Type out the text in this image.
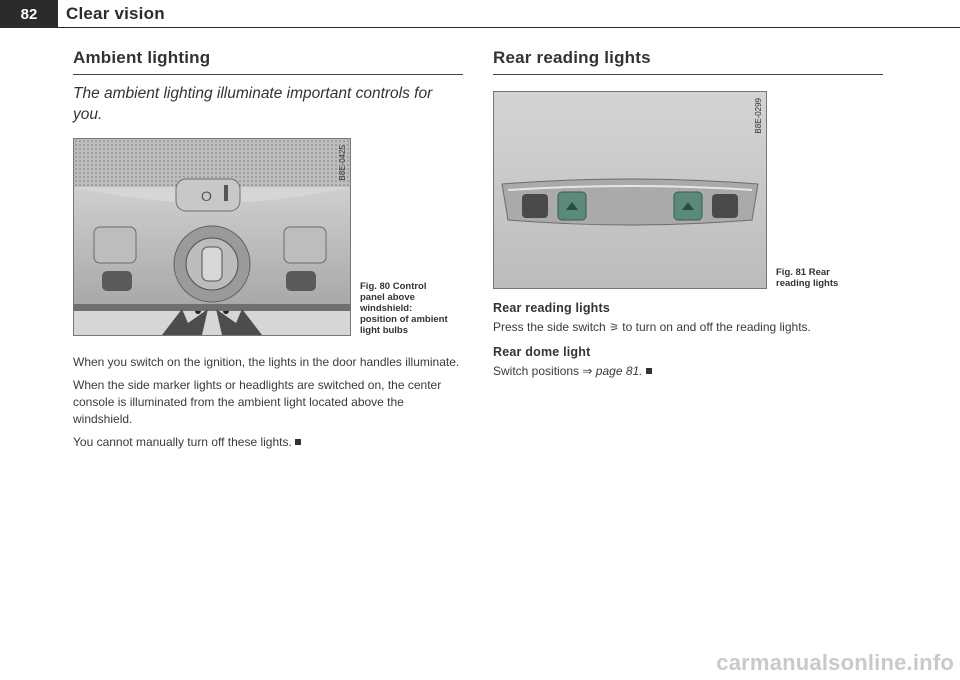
82	Clear vision
Ambient lighting

The ambient lighting illuminate important controls for you.

O
B8E-0425
Fig. 80 Control panel above windshield: position of ambient light bulbs

When you switch on the ignition, the lights in the door handles illuminate.

When the side marker lights or headlights are switched on, the center console is illuminated from the ambient light located above the windshield.

You cannot manually turn off these lights.

Rear reading lights
B8E-0299
Fig. 81 Rear reading lights
Rear reading lights

Press the side switch ⚞ to turn on and off the reading lights.

Rear dome light

Switch positions ⇒ page 81.

carmanualsonline.info
